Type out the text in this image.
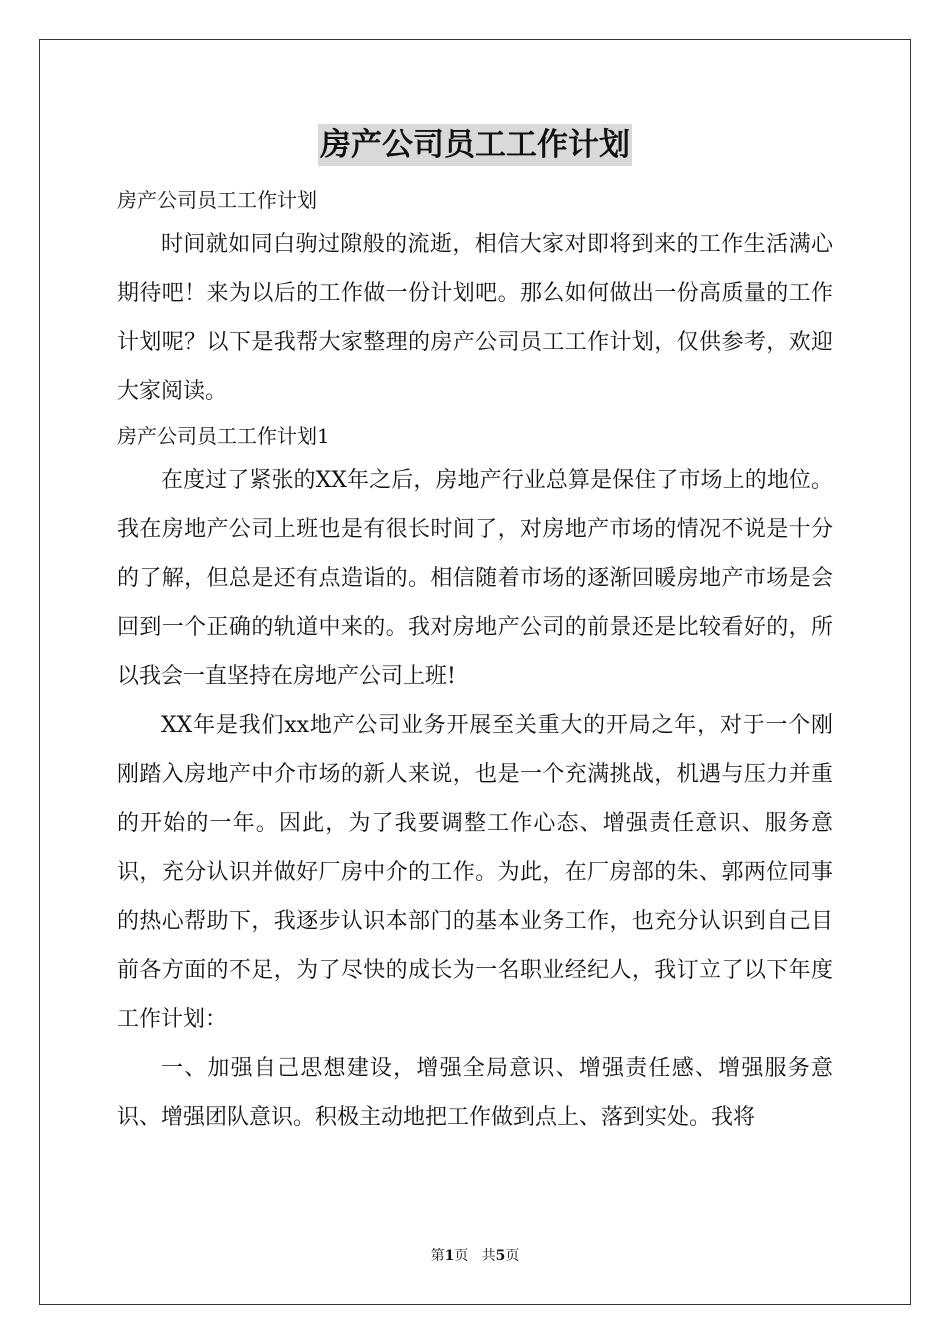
房产公司员工工作计划

房产公司员工工作计划

时间就如同白驹过隙般的流逝，相信大家对即将到来的工作生活满心期待吧！来为以后的工作做一份计划吧。那么如何做出一份高质量的工作计划呢？以下是我帮大家整理的房产公司员工工作计划，仅供参考，欢迎大家阅读。

房产公司员工工作计划1

在度过了紧张的XX年之后，房地产行业总算是保住了市场上的地位。我在房地产公司上班也是有很长时间了，对房地产市场的情况不说是十分的了解，但总是还有点造诣的。相信随着市场的逐渐回暖房地产市场是会回到一个正确的轨道中来的。我对房地产公司的前景还是比较看好的，所以我会一直坚持在房地产公司上班!

XX年是我们xx地产公司业务开展至关重大的开局之年，对于一个刚刚踏入房地产中介市场的新人来说，也是一个充满挑战，机遇与压力并重的开始的一年。因此，为了我要调整工作心态、增强责任意识、服务意识，充分认识并做好厂房中介的工作。为此，在厂房部的朱、郭两位同事的热心帮助下，我逐步认识本部门的基本业务工作，也充分认识到自己目前各方面的不足，为了尽快的成长为一名职业经纪人，我订立了以下年度工作计划：

一、加强自己思想建设，增强全局意识、增强责任感、增强服务意识、增强团队意识。积极主动地把工作做到点上、落到实处。我将

第1页 共5页
